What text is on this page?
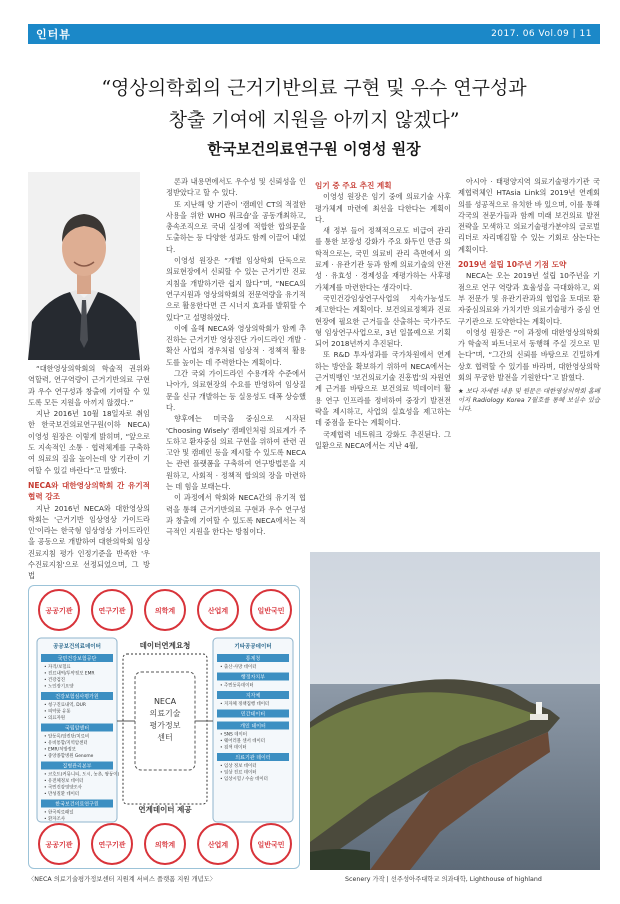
인터뷰	2017. 06 Vol.09 | 11
“영상의학회의 근거기반의료 구현 및 우수 연구성과
창출 기여에 지원을 아끼지 않겠다”
한국보건의료연구원 이영성 원장

“대한영상의학회의 학술적 권위와 역할력, 연구역량이 근거기반의료 구현과 우수 연구성과 창출에 기여할 수 있도록 모든 지원을 아끼지 않겠다.”

지난 2016년 10월 18일자로 취임한 한국보건의료연구원(이하 NECA) 이영성 원장은 이렇게 밝히며, “앞으로도 지속적인 소통 · 협력체계를 구축하여 의료의 질을 높이는데 양 기관이 기여할 수 있길 바란다”고 말했다.

NECA와 대한영상의학회 간 유기적 협력 강조

지난 2016년 NECA와 대한영상의학회는 '근거기반 임상영상 가이드라인'이라는 한국형 임상영상 가이드라인을 공동으로 개발하여 대한의학회 임상진료지침 평가 인정기준을 반족한 '우수진료지침'으로 선정되었으며, 그 방법

론과 내용면에서도 우수성 및 신뢰성을 인정받았다고 할 수 있다.

또 지난해 양 기관이 '캠페인 CT의 적절한 사용을 위한 WHO 워크숍'을 공동개최하고, 총속조직으로 국내 실정에 적합한 합의문을 도출하는 등 다양한 성과도 함께 이끌어 내었다.

이영성 원장은 “개별 임상학회 단독으로 의료현장에서 신뢰할 수 있는 근거기반 진료지침을 개발하기란 쉽지 않다”며, “NECA의 연구지원과 영상의학회의 전문역량을 유기적으로 활용한다면 큰 시너지 효과를 발휘할 수 있다”고 설명하였다.

이에 올해 NECA와 영상의학회가 함께 추진하는 근거기반 영상진단 가이드라인 개발 · 확산 사업의 경우처럼 임상적 · 정책적 활용도를 높이는 데 주력한다는 계획이다.

그간 국외 가이드라인 수용개작 수준에서 나아가, 의료현장의 수요를 반영하여 임상질문을 신규 개발하는 등 실용성도 대폭 상승했다.

향후에는 미국을 중심으로 시작된 'Choosing Wisely' 캠페인처럼 의료계가 주도하고 환자중심 의료 구현을 위하여 관련 권고안 및 캠페인 등을 제시할 수 있도록 NECA는 관련 플랫폼을 구축하여 연구방법론을 지원하고, 사회적 · 정책적 합의의 장을 마련하는 데 힘을 보태는다.

이 과정에서 학회와 NECA간의 유기적 협력을 통해 근거기반의료 구현과 우수 연구성과 창출에 기여할 수 있도록 NECA에서는 적극적인 지원을 한다는 방침이다.

임기 중 주요 추진 계획

이영성 원장은 임기 중에 의료기술 사후평가체계 마련에 최선을 다한다는 계획이다.

새 정부 들어 정책적으로도 비급여 관리를 통한 보장성 강화가 주요 화두인 만큼 의학적으로는, 국민 의료비 관리 측면에서 의료계 · 유관기관 등과 함께 의료기술의 안전성 · 유효성 · 경제성을 재평가하는 사후평가체계를 마련한다는 생각이다.

국민건강임상연구사업의 지속가능성도 제고한다는 계획이다. 보건의료정책과 진료현장에 필요한 근거들을 산출하는 국가주도형 임상연구사업으로, 3년 일몰예으로 기획되어 2018년까지 추진된다.

또 R&D 투자성과를 국가차원에서 연계하는 방안을 확보하기 위하여 NECA에서는 근거빅뱅인 '보건의료기술 진흥법'의 자원연계 근거를 바탕으로 보건의료 빅데이터 활용 연구 인프라를 정비하여 중장기 발전전략을 제시하고, 사업의 실효성을 제고하는데 중점을 둔다는 계획이다.

국제협력 네트워크 강화도 추진된다. 그 일환으로 NECA에서는 지난 4월,

아시아 · 태평양지역 의료기술평가기관 국제협력체인 HTAsia Link의 2019년 연례회의를 성공적으로 유치한 바 있으며, 이를 통해 각국의 전문가들과 함께 미래 보건의료 발전전략을 모색하고 의료기술평가분야의 글로벌 리더로 자리매김할 수 있는 기회로 삼는다는 계획이다.

2019년 설립 10주년 기점 도약

NECA는 오는 2019년 설립 10주년을 기점으로 연구 역량과 효율성을 극대화하고, 외부 전문가 및 유관기관과의 협업을 토대로 환자중심의료와 가치기반 의료기술평가 중심 연구기관으로 도약한다는 계획이다.

이영성 원장은 “이 과정에 대한영상의학회가 학술적 파트너로서 동행해 주실 것으로 믿는다”며, “그간의 신뢰를 바탕으로 긴밀하게 상호 협력할 수 있기를 바라며, 대한영상의학회의 무궁한 발전을 기원한다”고 밝혔다.

★ 보다 자세한 내용 및 원문은 대한영상의학회 홈페이지 Radiology Korea 7월호를 통해 보실수 있습니다.

공공기관	연구기관	의학계	산업계	일반국민
공공기관	연구기관	의학계	산업계	일반국민
NECA
의료기술
평가정보
센터
데이터연계요청
연계데이터 제공
공공보건의료데이터
국민건강보험공단
• 자격/보험료
• 진료내역/투약정보 EMR
• 건강검진
• 노인장기요양
건강보험심사평가원
• 청구진료내역, DUR
• 의약품 유통
• 의료자원
국립암센터
• 암등록/암진단/치료비
• 유비통합/지역암센터
• EMR/처방정보
• 중앙종합병원 Genome
질병관리본부
• 코호트(커뮤니티, 도시, 농촌, 쌍둥이)
• 유전체정보 데이터
• 국민건강영양조사
• 만성질환 데이터
한국보건의료연구원
• 한국의료패널
• 환자조사
기타공공데이터
통계청
• 출산·사망 데이터
행정자치부
• 주민등록데이터
지자체
• 지자체 정책집행 데이터
민간데이터
개인 데이터
• SNS 데이터
• 웨어러블 센서 데이터
• 검색 데이터
의료기관 데이터
• 임상 정보 데이터
• 임상 진료 데이터
• 임상시험 / 수술 데이터
〈NECA 의료기술평가정보센터 지원계 서비스 플랫폼 지원 개념도〉	Scenery 가작 | 선주성아주대학교 의과대학, Lighthouse of highland
